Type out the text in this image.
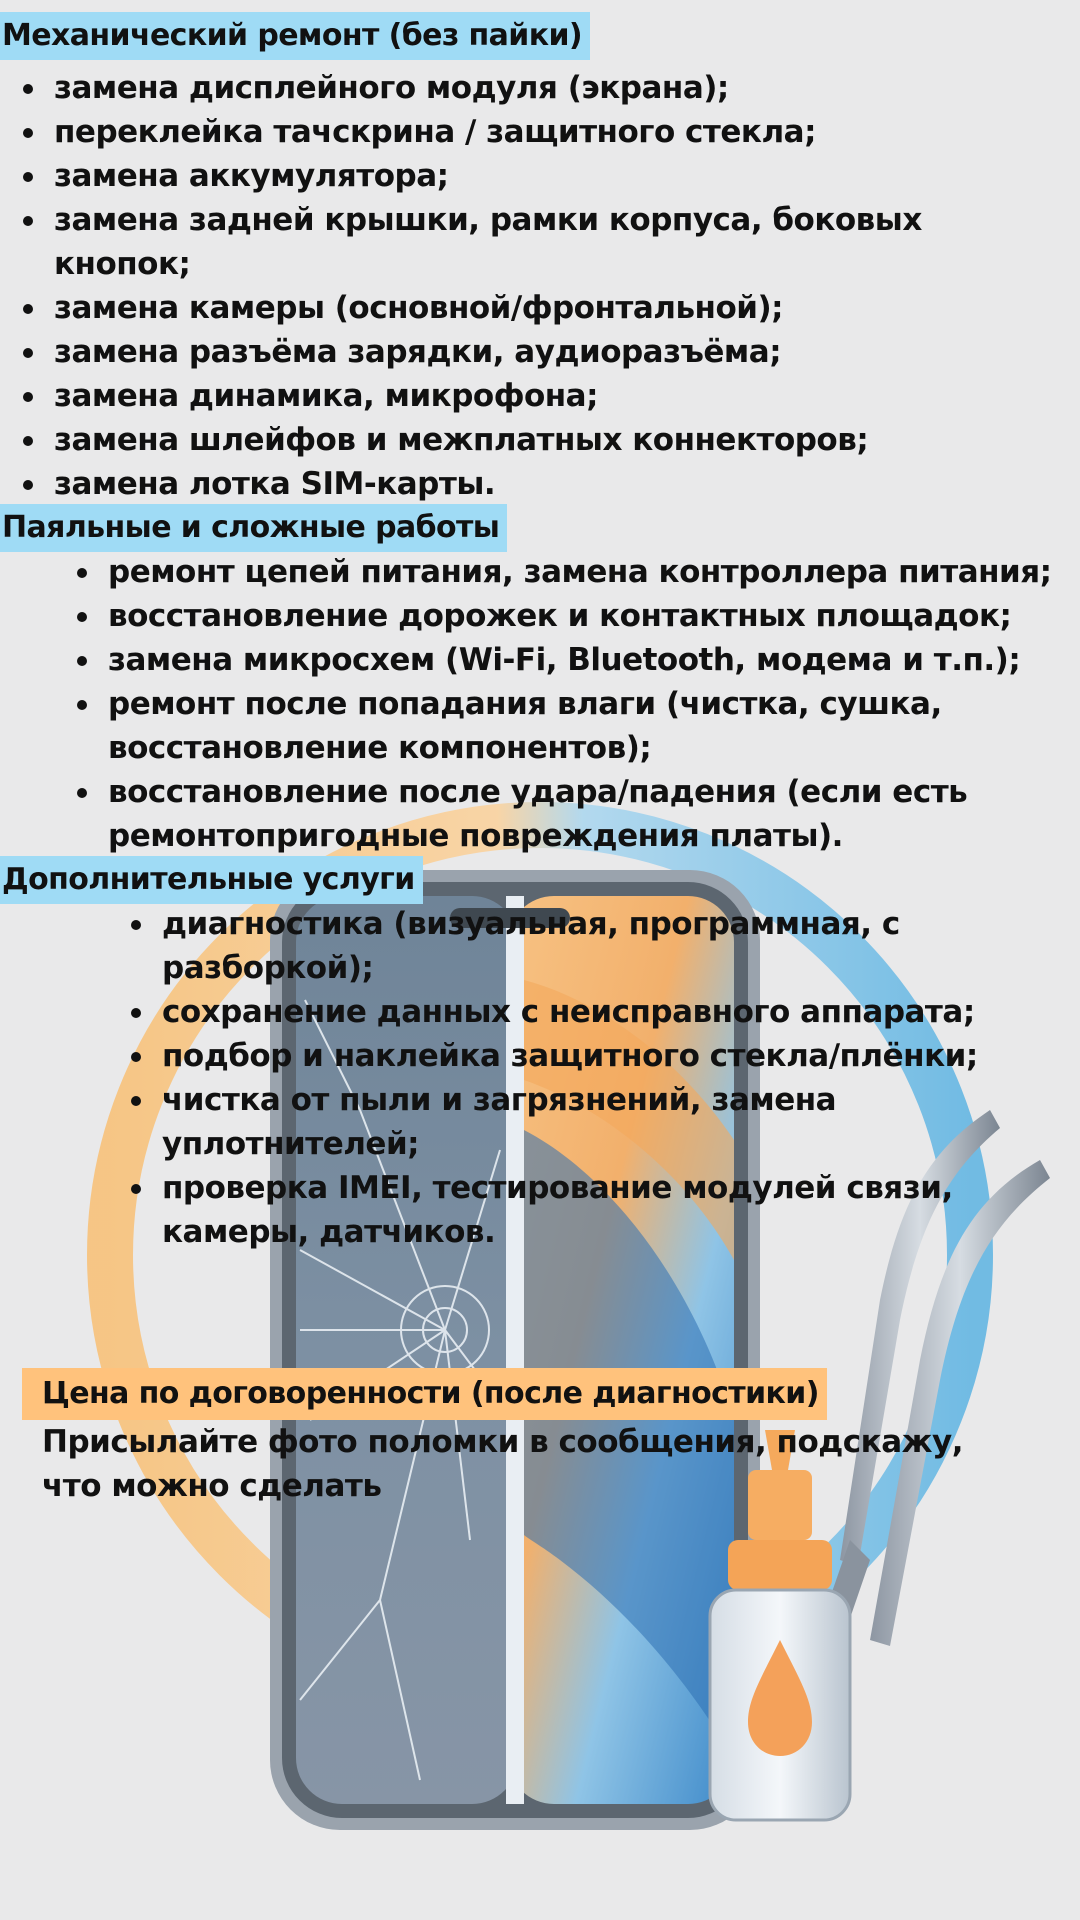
Механический ремонт (без пайки)
замена дисплейного модуля (экрана);
переклейка тачскрина / защитного стекла;
замена аккумулятора;
замена задней крышки, рамки корпуса, боковых кнопок;
замена камеры (основной/фронтальной);
замена разъёма зарядки, аудиоразъёма;
замена динамика, микрофона;
замена шлейфов и межплатных коннекторов;
замена лотка SIM-карты.
Паяльные и сложные работы
ремонт цепей питания, замена контроллера питания;
восстановление дорожек и контактных площадок;
замена микросхем (Wi-Fi, Bluetooth, модема и т.п.);
ремонт после попадания влаги (чистка, сушка, восстановление компонентов);
восстановление после удара/падения (если есть ремонтопригодные повреждения платы).
Дополнительные услуги
диагностика (визуальная, программная, с разборкой);
сохранение данных с неисправного аппарата;
подбор и наклейка защитного стекла/плёнки;
чистка от пыли и загрязнений, замена уплотнителей;
проверка IMEI, тестирование модулей связи, камеры, датчиков.
Цена по договоренности (после диагностики)

Присылайте фото поломки в сообщения, подскажу, что можно сделать
